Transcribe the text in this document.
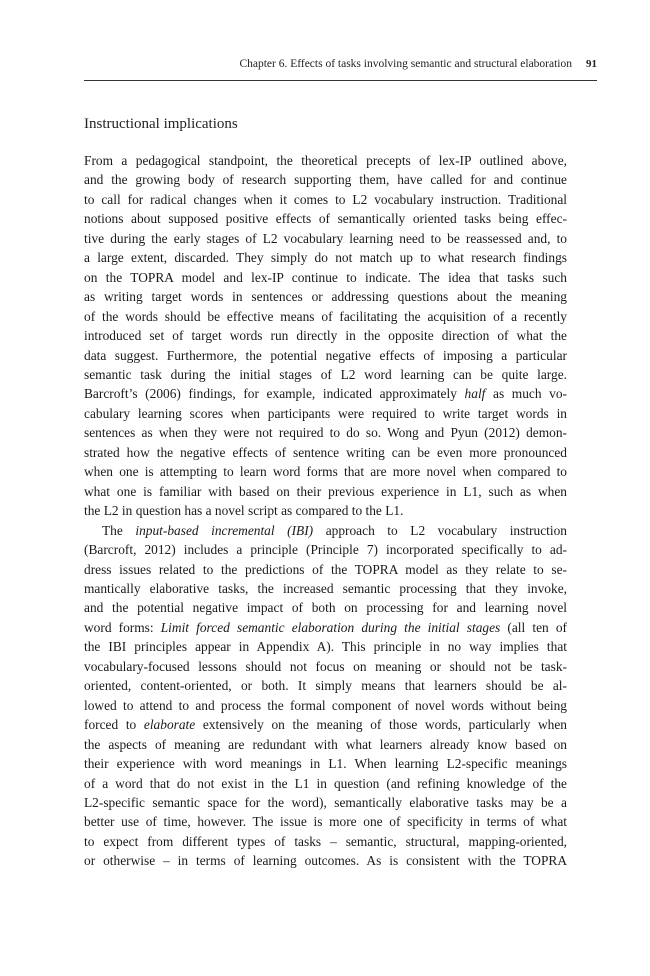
Chapter 6. Effects of tasks involving semantic and structural elaboration 91
Instructional implications
From a pedagogical standpoint, the theoretical precepts of lex-IP outlined above,
and the growing body of research supporting them, have called for and continue
to call for radical changes when it comes to L2 vocabulary instruction. Traditional
notions about supposed positive effects of semantically oriented tasks being effec-
tive during the early stages of L2 vocabulary learning need to be reassessed and, to
a large extent, discarded. They simply do not match up to what research findings
on the TOPRA model and lex-IP continue to indicate. The idea that tasks such
as writing target words in sentences or addressing questions about the meaning
of the words should be effective means of facilitating the acquisition of a recently
introduced set of target words run directly in the opposite direction of what the
data suggest. Furthermore, the potential negative effects of imposing a particular
semantic task during the initial stages of L2 word learning can be quite large.
Barcroft’s (2006) findings, for example, indicated approximately half as much vo-
cabulary learning scores when participants were required to write target words in
sentences as when they were not required to do so. Wong and Pyun (2012) demon-
strated how the negative effects of sentence writing can be even more pronounced
when one is attempting to learn word forms that are more novel when compared to
what one is familiar with based on their previous experience in L1, such as when
the L2 in question has a novel script as compared to the L1.
The input-based incremental (IBI) approach to L2 vocabulary instruction
(Barcroft, 2012) includes a principle (Principle 7) incorporated specifically to ad-
dress issues related to the predictions of the TOPRA model as they relate to se-
mantically elaborative tasks, the increased semantic processing that they invoke,
and the potential negative impact of both on processing for and learning novel
word forms: Limit forced semantic elaboration during the initial stages (all ten of
the IBI principles appear in Appendix A). This principle in no way implies that
vocabulary-focused lessons should not focus on meaning or should not be task-
oriented, content-oriented, or both. It simply means that learners should be al-
lowed to attend to and process the formal component of novel words without being
forced to elaborate extensively on the meaning of those words, particularly when
the aspects of meaning are redundant with what learners already know based on
their experience with word meanings in L1. When learning L2-specific meanings
of a word that do not exist in the L1 in question (and refining knowledge of the
L2-specific semantic space for the word), semantically elaborative tasks may be a
better use of time, however. The issue is more one of specificity in terms of what
to expect from different types of tasks – semantic, structural, mapping-oriented,
or otherwise – in terms of learning outcomes. As is consistent with the TOPRA
